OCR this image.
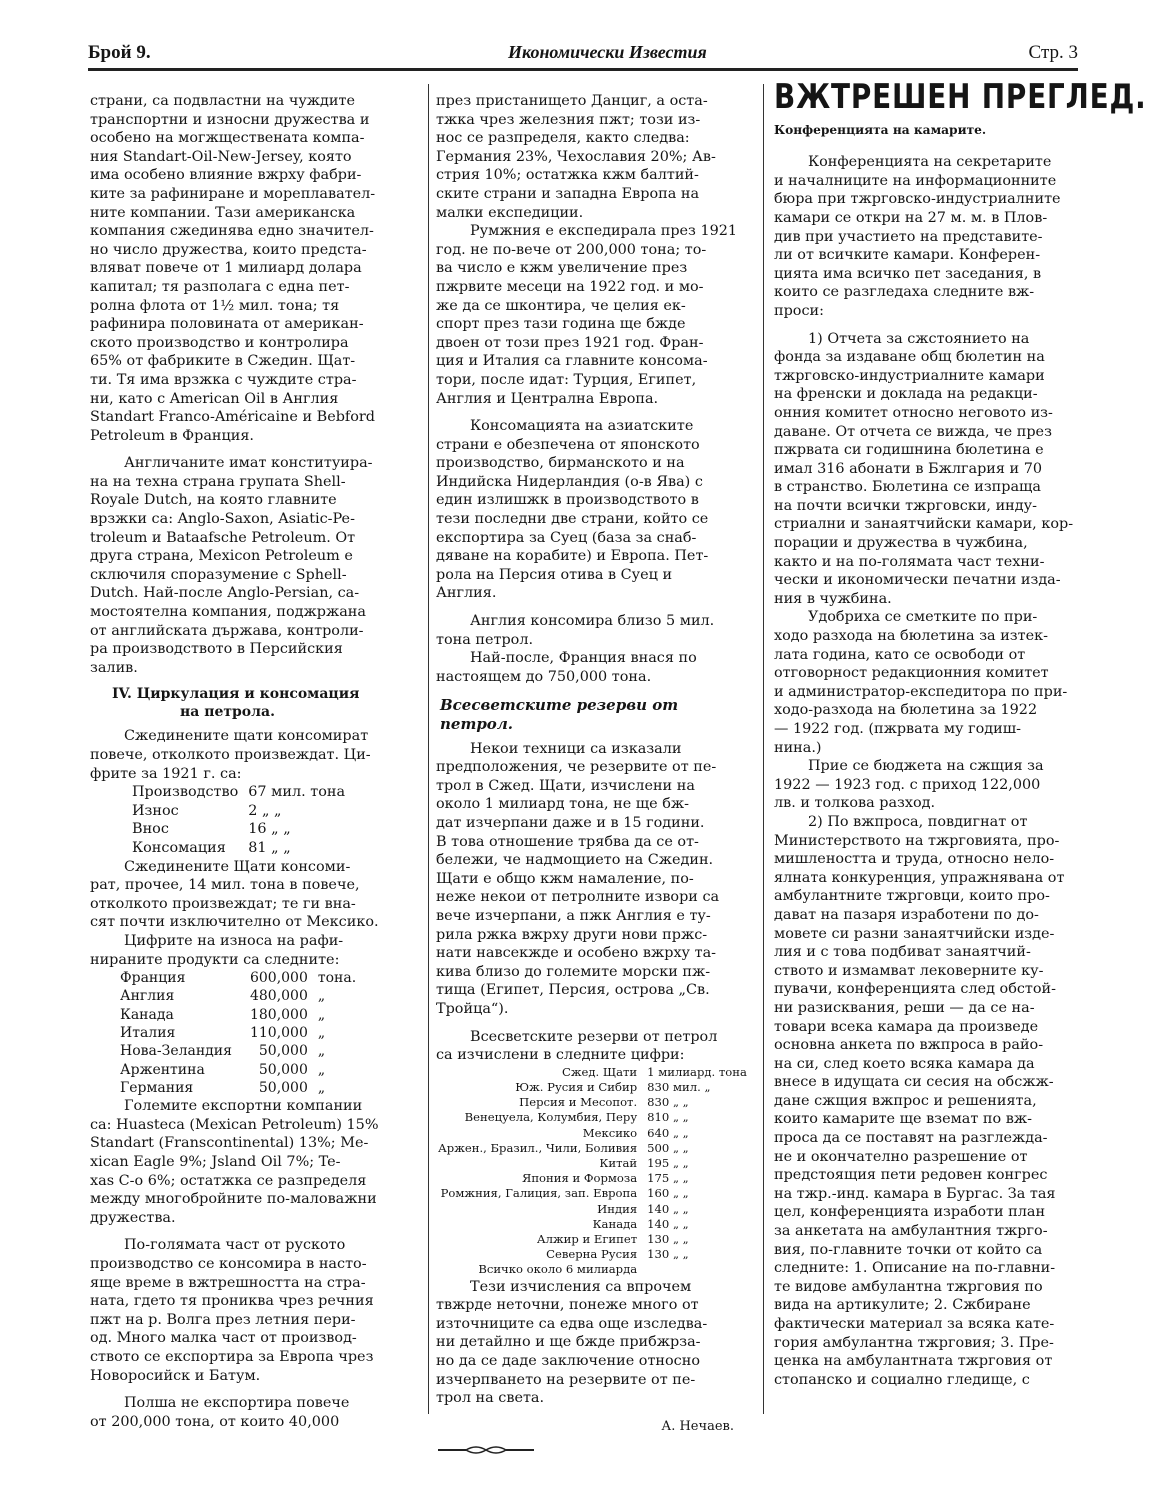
Брой 9.	Икономически Известия	Стр. 3

страни, са подвластни на чуждите
транспортни и износни дружества и
особено на могжществената компа-
ния Standart-Oil-New-Jersey, която
има особено влияние вжрху фабри-
ките за рафиниране и мореплавател-
ните компании. Тази американска
компания сжединява едно значител-
но число дружества, които предста-
вляват повече от 1 милиард долара
капитал; тя разполага с една пет-
ролна флота от 1½ мил. тона; тя
рафинира половината от американ-
ското производство и контролира
65% от фабриките в Сжедин. Щат-
ти. Тя има врзжка с чуждите стра-
ни, като с American Oil в Англия
Standart Franco-Américaine и Bebford
Petroleum в Франция.

Англичаните имат конституира-
на на техна страна групата Shell-
Royale Dutch, на която главните
врзжки са: Anglo-Saxon, Asiatic-Pe-
troleum и Bataafsche Petroleum. От
друга страна, Mexicon Petroleum е
сключиля споразумение с Sphell-
Dutch. Най-после Anglo-Persian, са-
мостоятелна компания, поджржана
от английската държава, контроли-
ра производството в Персийския
залив.

IV. Циркулация и консомация
на петрола.

Сжединените щати консомират
повече, отколкото произвеждат. Ци-
фрите за 1921 г. са:

Производство	67 мил. тона
Износ	2 „ „
Внос	16 „ „
Консомация	81 „ „

Сжединените Щати консоми-
рат, прочее, 14 мил. тона в повече,
отколкото произвеждат; те ги вна-
сят почти изключително от Мексико.

Цифрите на износа на рафи-
нираните продукти са следните:

Франция	600,000	тона.
Англия	480,000	„
Канада	180,000	„
Италия	110,000	„
Нова-Зеландия	50,000	„
Аржентина	50,000	„
Германия	50,000	„

Големите експортни компании
са: Huasteca (Mexican Petroleum) 15%
Standart (Franscontinental) 13%; Me-
xican Eagle 9%; Jsland Oil 7%; Te-
xas C-o 6%; остатжка се разпределя
между многобройните по-маловажни
дружества.

По-голямата част от руското
производство се консомира в насто-
яще време в вжтрешността на стра-
ната, гдето тя прониква чрез речния
пжт на р. Волга през летния пери-
од. Много малка част от производ-
ството се експортира за Европа чрез
Новоросийск и Батум.

Полша не експортира повече
от 200,000 тона, от които 40,000

през пристанището Данциг, а оста-
тжка чрез железния пжт; този из-
нос се разпределя, както следва:
Германия 23%, Чехославия 20%; Ав-
стрия 10%; остатжка кжм балтий-
ските страни и западна Европа на
малки експедиции.

Румжния е експедирала през 1921
год. не по-вече от 200,000 тона; то-
ва число е кжм увеличение през
пжрвите месеци на 1922 год. и мо-
же да се шконтира, че целия ек-
спорт през тази година ще бжде
двоен от този през 1921 год. Фран-
ция и Италия са главните консома-
тори, после идат: Турция, Египет,
Англия и Централна Европа.

Консомацията на азиатските
страни е обезпечена от японското
производство, бирманското и на
Индийска Нидерландия (о-в Ява) с
един излишжк в производството в
тези последни две страни, който се
експортира за Суец (база за снаб-
дяване на корабите) и Европа. Пет-
рола на Персия отива в Суец и
Англия.

Англия консомира близо 5 мил.
тона петрол.

Най-после, Франция внася по
настоящем до 750,000 тона.

Всесветските резерви от петрол.

Некои техници са изказали
предположения, че резервите от пе-
трол в Сжед. Щати, изчислени на
около 1 милиард тона, не ще бж-
дат изчерпани даже и в 15 години.
В това отношение трябва да се от-
бележи, че надмощието на Сжедин.
Щати е общо кжм намаление, по-
неже некои от петролните извори са
вече изчерпани, а пжк Англия е ту-
рила ржка вжрху други нови пржс-
нати навсекжде и особено вжрху та-
кива близо до големите морски пж-
тища (Египет, Персия, острова „Св.
Тройца“).

Всесветските резерви от петрол
са изчислени в следните цифри:

Сжед. Щати	1 милиард. тона
Юж. Русия и Сибир	830 мил. „
Персия и Месопот.	830 „ „
Венецуела, Колумбия, Перу	810 „ „
Мексико	640 „ „
Аржен., Бразил., Чили, Боливия	500 „ „
Китай	195 „ „
Япония и Формоза	175 „ „
Ромжния, Галиция, зап. Европа	160 „ „
Индия	140 „ „
Канада	140 „ „
Алжир и Египет	130 „ „
Северна Русия	130 „ „
Всичко около 6 милиарда	

Тези изчисления са впрочем
твжрде неточни, понеже много от
източниците са едва още изследва-
ни детайлно и ще бжде прибжрза-
но да се даде заключение относно
изчерпването на резервите от пе-
трол на света.

А. Нечаев.
ВЖТРЕШЕН ПРЕГЛЕД.
Конференцията на камарите.

Конференцията на секретарите
и началниците на информационните
бюра при тжрговско-индустриалните
камари се откри на 27 м. м. в Плов-
див при участието на представите-
ли от всичките камари. Конферен-
цията има всичко пет заседания, в
които се разгледаха следните вж-
проси:

1) Отчета за сжстоянието на
фонда за издаване общ бюлетин на
тжрговско-индустриалните камари
на френски и доклада на редакци-
онния комитет относно неговото из-
даване. От отчета се вижда, че през
пжрвата си годишнина бюлетина е
имал 316 абонати в Бжлгария и 70
в странство. Бюлетина се изпраща
на почти всички тжрговски, инду-
стриални и занаятчийски камари, кор-
порации и дружества в чужбина,
както и на по-голямата част техни-
чески и икономически печатни изда-
ния в чужбина.

Удобриха се сметките по при-
ходо разхода на бюлетина за изтек-
лата година, като се освободи от
отговорност редакционния комитет
и администратор-експедитора по при-
ходо-разхода на бюлетина за 1922
— 1922 год. (пжрвата му годиш-
нина.)

Прие се бюджета на сжщия за
1922 — 1923 год. с приход 122,000
лв. и толкова разход.

2) По вжпроса, повдигнат от
Министерството на тжрговията, про-
мишлеността и труда, относно нело-
ялната конкуренция, упражнявана от
амбулантните тжрговци, които про-
дават на пазаря изработени по до-
мовете си разни занаятчийски изде-
лия и с това подбиват занаятчий-
ството и измамват лековерните ку-
пувачи, конференцията след обстой-
ни разисквания, реши — да се на-
товари всека камара да произведе
основна анкета по вжпроса в райо-
на си, след което всяка камара да
внесе в идущата си сесия на обсжж-
дане сжщия вжпрос и решенията,
които камарите ще вземат по вж-
проса да се поставят на разглежда-
не и окончателно разрешение от
предстоящия пети редовен конгрес
на тжр.-инд. камара в Бургас. За тая
цел, конференцията изработи план
за анкетата на амбулантния тжрго-
вия, по-главните точки от който са
следните: 1. Описание на по-главни-
те видове амбулантна тжрговия по
вида на артикулите; 2. Сжбиране
фактически материал за всяка кате-
гория амбулантна тжрговия; 3. Пре-
ценка на амбулантната тжрговия от
стопанско и социално гледище, с
